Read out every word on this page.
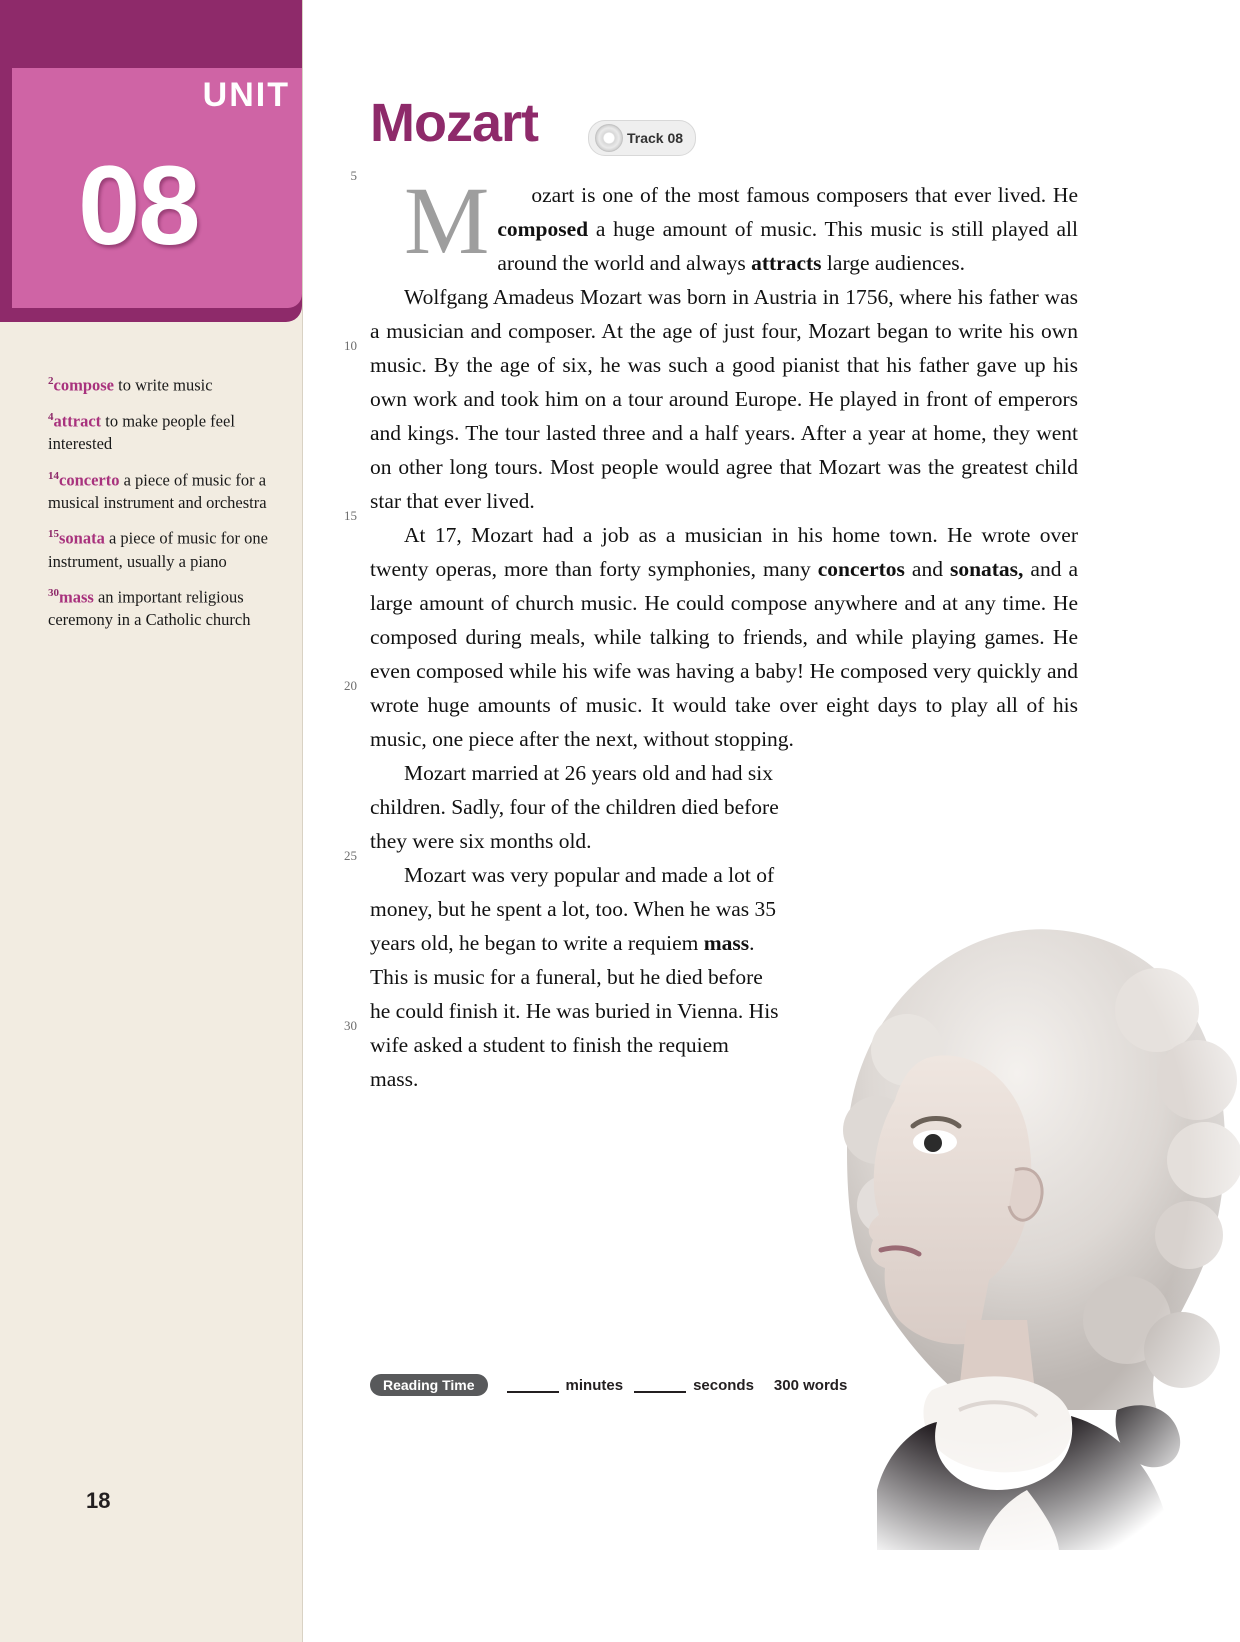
UNIT
08
$^2$compose to write music
$^4$attract to make people feel interested
$^{14}$concerto a piece of music for a musical instrument and orchestra
$^{15}$sonata a piece of music for one instrument, usually a piano
$^{30}$mass an important religious ceremony in a Catholic church
18
Mozart	Track 08

M	ozart is one of the most famous composers that ever lived. He composed a huge amount of music. This music is still played all around the world and always attracts large audiences.

Wolfgang Amadeus Mozart was born in Austria in 1756, where his father was a musician and composer. At the age of just four, Mozart began to write his own music. By the age of six, he was such a good pianist that his father gave up his own work and took him on a tour around Europe. He played in front of emperors and kings. The tour lasted three and a half years. After a year at home, they went on other long tours. Most people would agree that Mozart was the greatest child star that ever lived.

At 17, Mozart had a job as a musician in his home town. He wrote over twenty operas, more than forty symphonies, many concertos and sonatas, and a large amount of church music. He could compose anywhere and at any time. He composed during meals, while talking to friends, and while playing games. He even composed while his wife was having a baby! He composed very quickly and wrote huge amounts of music. It would take over eight days to play all of his music, one piece after the next, without stopping.

Mozart married at 26 years old and had six children. Sadly, four of the children died before they were six months old.

Mozart was very popular and made a lot of money, but he spent a lot, too. When he was 35 years old, he began to write a requiem mass. This is music for a funeral, but he died before he could finish it. He was buried in Vienna. His wife asked a student to finish the requiem mass.

5
10
15
20
25
30
Reading Time	minutes	seconds 300 words
